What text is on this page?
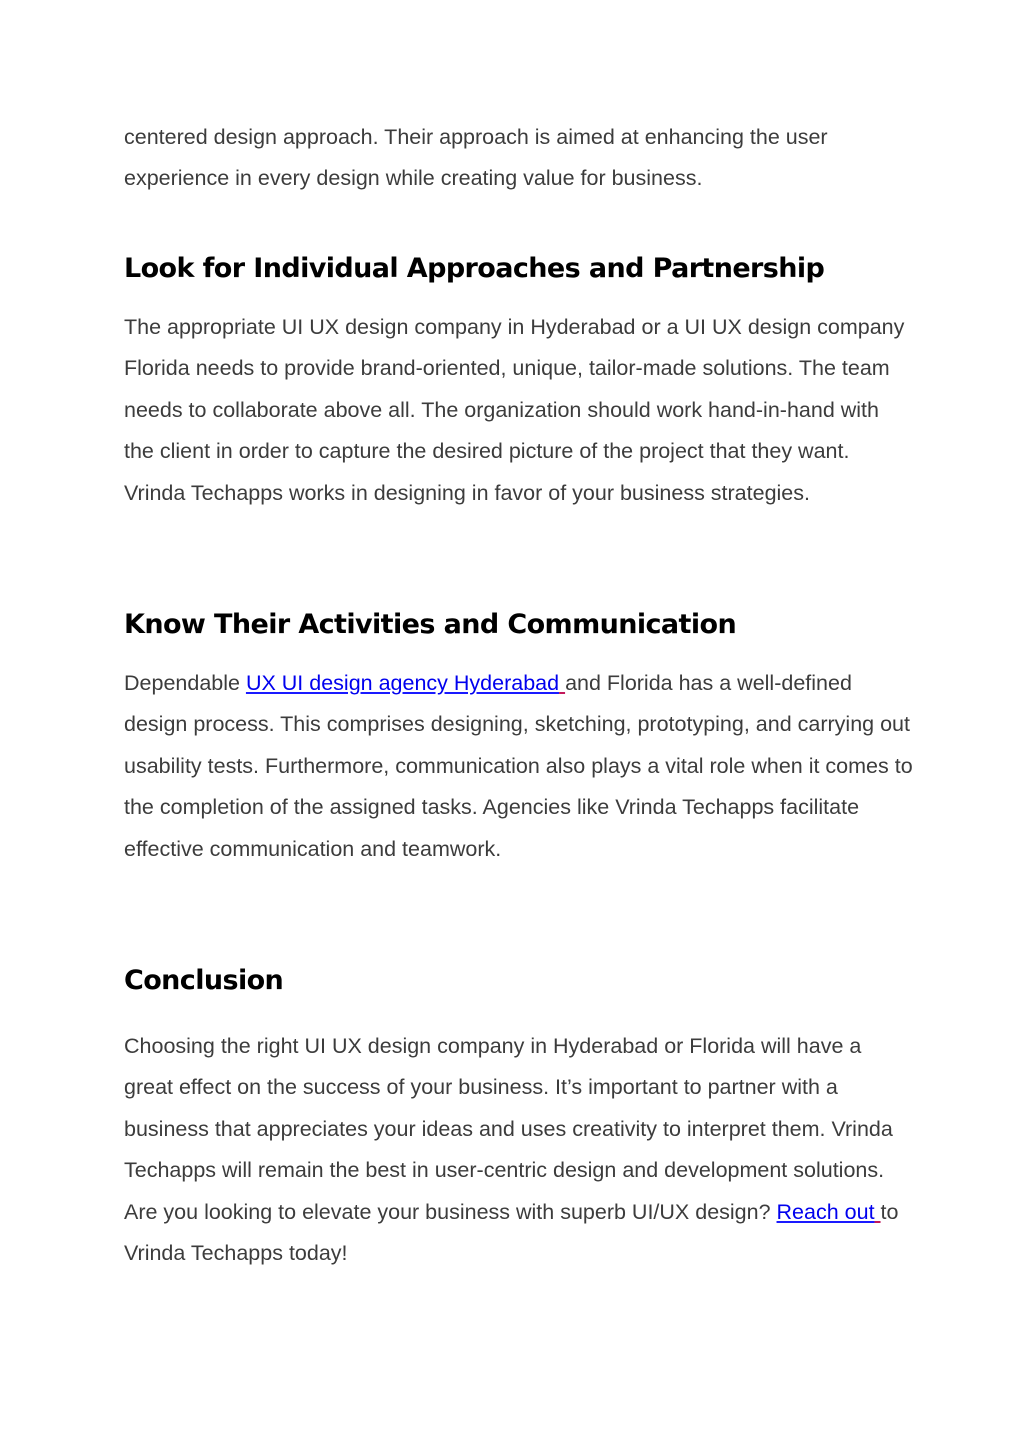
centered design approach. Their approach is aimed at enhancing the user experience in every design while creating value for business.

Look for Individual Approaches and Partnership

The appropriate UI UX design company in Hyderabad or a UI UX design company Florida needs to provide brand-oriented, unique, tailor-made solutions. The team needs to collaborate above all. The organization should work hand-in-hand with the client in order to capture the desired picture of the project that they want. Vrinda Techapps works in designing in favor of your business strategies.

Know Their Activities and Communication

Dependable UX UI design agency Hyderabad and Florida has a well-defined design process. This comprises designing, sketching, prototyping, and carrying out usability tests. Furthermore, communication also plays a vital role when it comes to the completion of the assigned tasks. Agencies like Vrinda Techapps facilitate effective communication and teamwork.

Conclusion

Choosing the right UI UX design company in Hyderabad or Florida will have a great effect on the success of your business. It’s important to partner with a business that appreciates your ideas and uses creativity to interpret them. Vrinda Techapps will remain the best in user-centric design and development solutions. Are you looking to elevate your business with superb UI/UX design? Reach out to Vrinda Techapps today!
